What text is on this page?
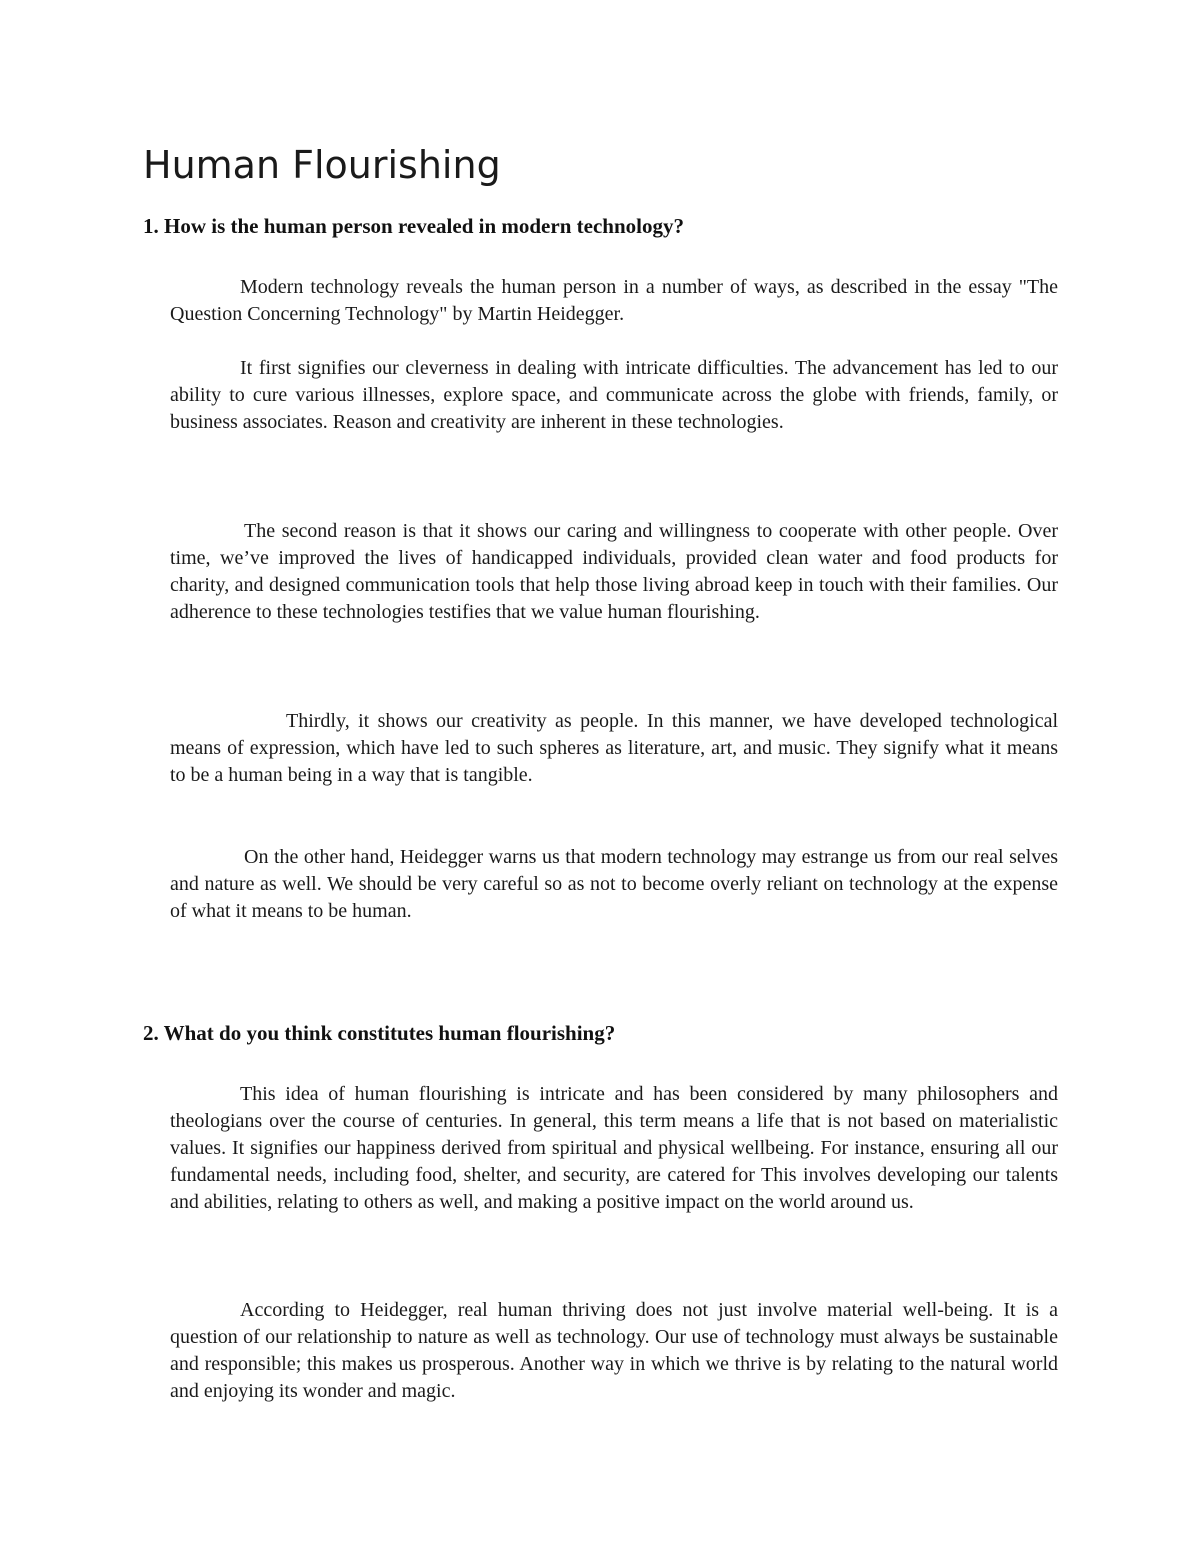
Human Flourishing
1. How is the human person revealed in modern technology?

Modern technology reveals the human person in a number of ways, as described in the essay "The Question Concerning Technology" by Martin Heidegger.

It first signifies our cleverness in dealing with intricate difficulties. The advancement has led to our ability to cure various illnesses, explore space, and communicate across the globe with friends, family, or business associates. Reason and creativity are inherent in these technologies.

The second reason is that it shows our caring and willingness to cooperate with other people. Over time, we’ve improved the lives of handicapped individuals, provided clean water and food products for charity, and designed communication tools that help those living abroad keep in touch with their families. Our adherence to these technologies testifies that we value human flourishing.

Thirdly, it shows our creativity as people. In this manner, we have developed technological means of expression, which have led to such spheres as literature, art, and music. They signify what it means to be a human being in a way that is tangible.

On the other hand, Heidegger warns us that modern technology may estrange us from our real selves and nature as well. We should be very careful so as not to become overly reliant on technology at the expense of what it means to be human.

2. What do you think constitutes human flourishing?

This idea of human flourishing is intricate and has been considered by many philosophers and theologians over the course of centuries. In general, this term means a life that is not based on materialistic values. It signifies our happiness derived from spiritual and physical wellbeing. For instance, ensuring all our fundamental needs, including food, shelter, and security, are catered for This involves developing our talents and abilities, relating to others as well, and making a positive impact on the world around us.

According to Heidegger, real human thriving does not just involve material well-being. It is a question of our relationship to nature as well as technology. Our use of technology must always be sustainable and responsible; this makes us prosperous. Another way in which we thrive is by relating to the natural world and enjoying its wonder and magic.
